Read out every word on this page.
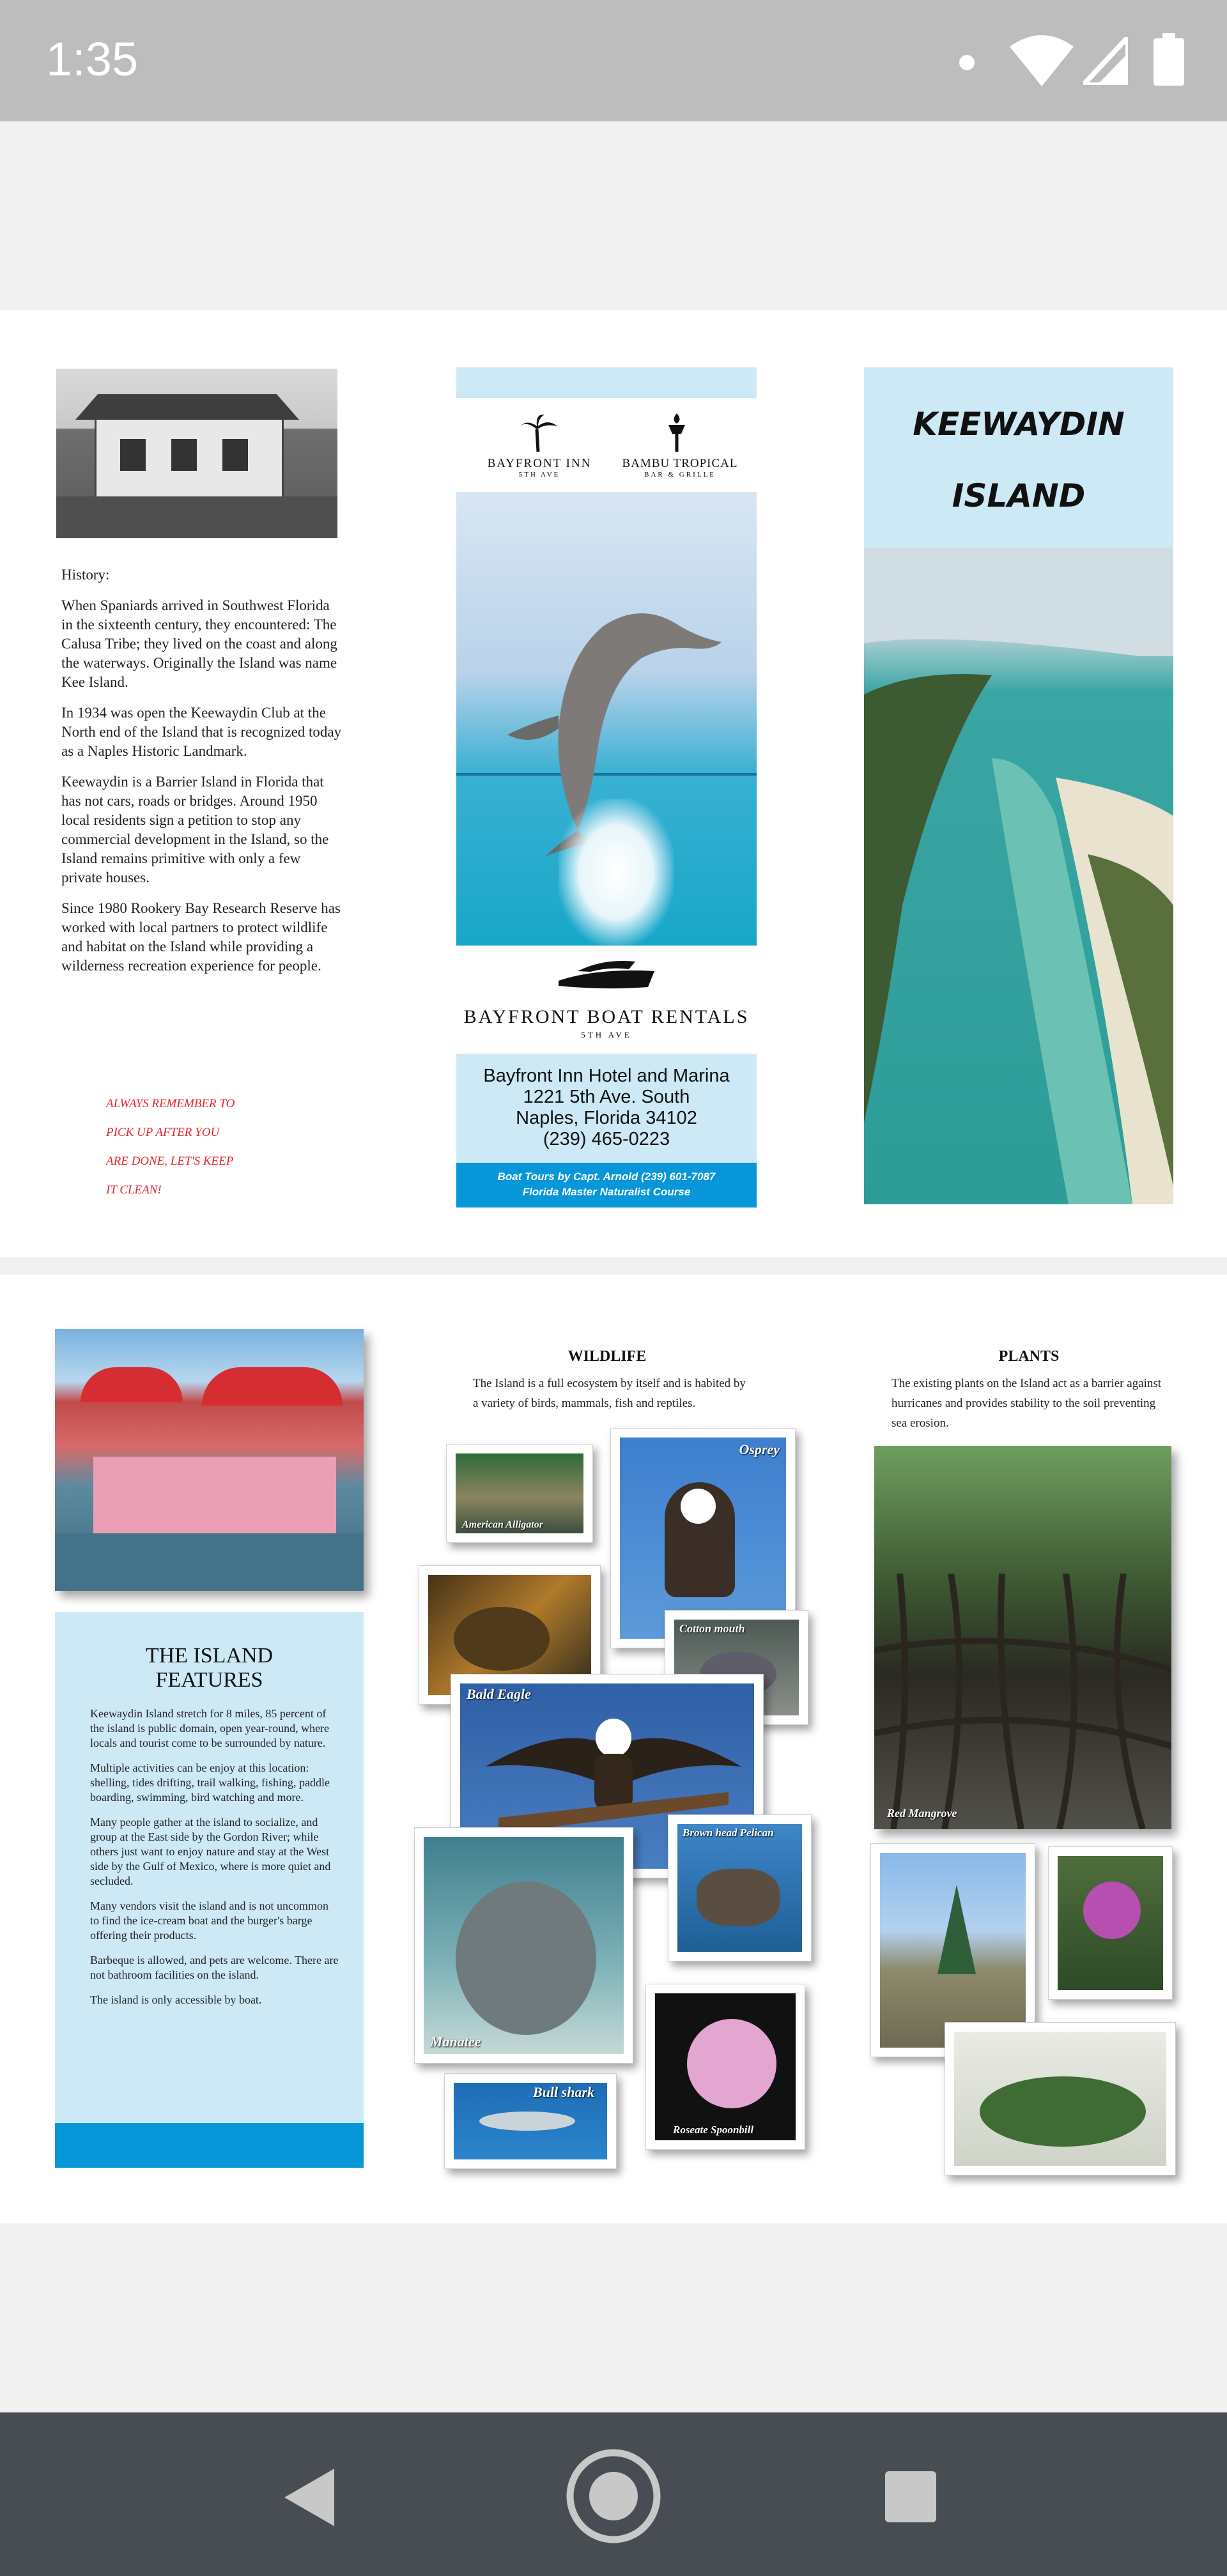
1:35

History:

When Spaniards arrived in Southwest Florida in the sixteenth century, they encountered: The Calusa Tribe; they lived on the coast and along the waterways. Originally the Island was name Kee Island.

In 1934 was open the Keewaydin Club at the North end of the Island that is recognized today as a Naples Historic Landmark.

Keewaydin is a Barrier Island in Florida that has not cars, roads or bridges. Around 1950 local residents sign a petition to stop any commercial development in the Island, so the Island remains primitive with only a few private houses.

Since 1980 Rookery Bay Research Reserve has worked with local partners to protect wildlife and habitat on the Island while providing a wilderness recreation experience for people.

ALWAYS REMEMBER TO
PICK UP AFTER YOU
ARE DONE, LET'S KEEP
IT CLEAN!
BAYFRONT INN
5TH AVE
BAMBU TROPICAL
BAR & GRILLE
BAYFRONT BOAT RENTALS
5TH AVE
Bayfront Inn Hotel and Marina
1221 5th Ave. South
Naples, Florida 34102
(239) 465-0223
Boat Tours by Capt. Arnold (239) 601-7087
Florida Master Naturalist Course
KEEWAYDIN
ISLAND
THE ISLAND
FEATURES

Keewaydin Island stretch for 8 miles, 85 percent of the island is public domain, open year-round, where locals and tourist come to be surrounded by nature.

Multiple activities can be enjoy at this location: shelling, tides drifting, trail walking, fishing, paddle boarding, swimming, bird watching and more.

Many people gather at the island to socialize, and group at the East side by the Gordon River; while others just want to enjoy nature and stay at the West side by the Gulf of Mexico, where is more quiet and secluded.

Many vendors visit the island and is not uncommon to find the ice-cream boat and the burger's barge offering their products.

Barbeque is allowed, and pets are welcome. There are not bathroom facilities on the island.

The island is only accessible by boat.

WILDLIFE
The Island is a full ecosystem by itself and is habited by a variety of birds, mammals, fish and reptiles.
American Alligator
Osprey
Cotton mouth
Bald Eagle
Brown head Pelican
Manatee
Roseate Spoonbill
Bull shark
PLANTS
The existing plants on the Island act as a barrier against hurricanes and provides stability to the soil preventing sea erosion.
Red Mangrove
